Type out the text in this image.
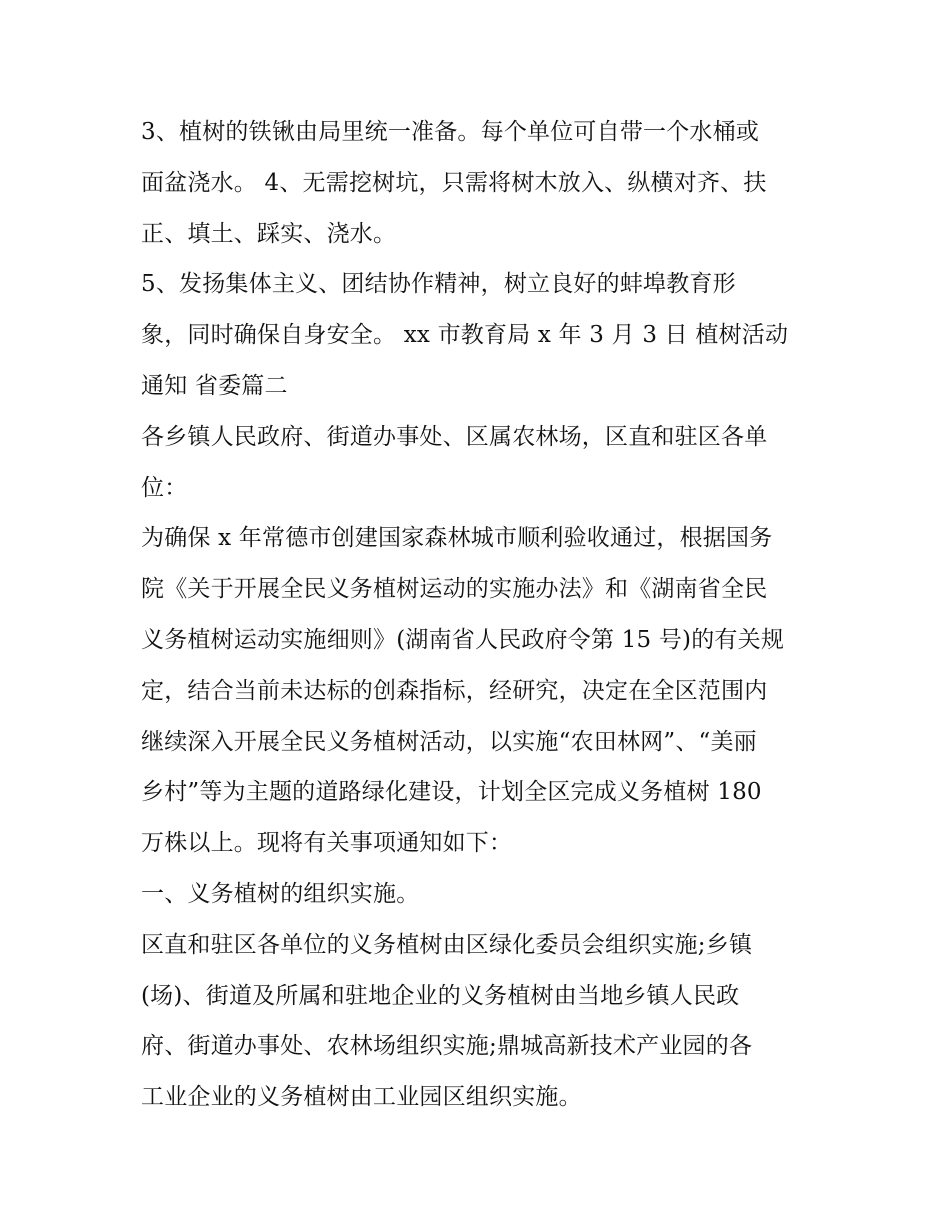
3、植树的铁锹由局里统一准备。每个单位可自带一个水桶或
面盆浇水。 4、无需挖树坑，只需将树木放入、纵横对齐、扶
正、填土、踩实、浇水。
5、发扬集体主义、团结协作精神，树立良好的蚌埠教育形
象，同时确保自身安全。 xx 市教育局 x 年 3 月 3 日 植树活动
通知 省委篇二
各乡镇人民政府、街道办事处、区属农林场，区直和驻区各单
位：
为确保 x 年常德市创建国家森林城市顺利验收通过，根据国务
院《关于开展全民义务植树运动的实施办法》和《湖南省全民
义务植树运动实施细则》(湖南省人民政府令第 15 号)的有关规
定，结合当前未达标的创森指标，经研究，决定在全区范围内
继续深入开展全民义务植树活动，以实施“农田林网”、“美丽
乡村”等为主题的道路绿化建设，计划全区完成义务植树 180
万株以上。现将有关事项通知如下：
一、义务植树的组织实施。
区直和驻区各单位的义务植树由区绿化委员会组织实施;乡镇
(场)、街道及所属和驻地企业的义务植树由当地乡镇人民政
府、街道办事处、农林场组织实施;鼎城高新技术产业园的各
工业企业的义务植树由工业园区组织实施。
